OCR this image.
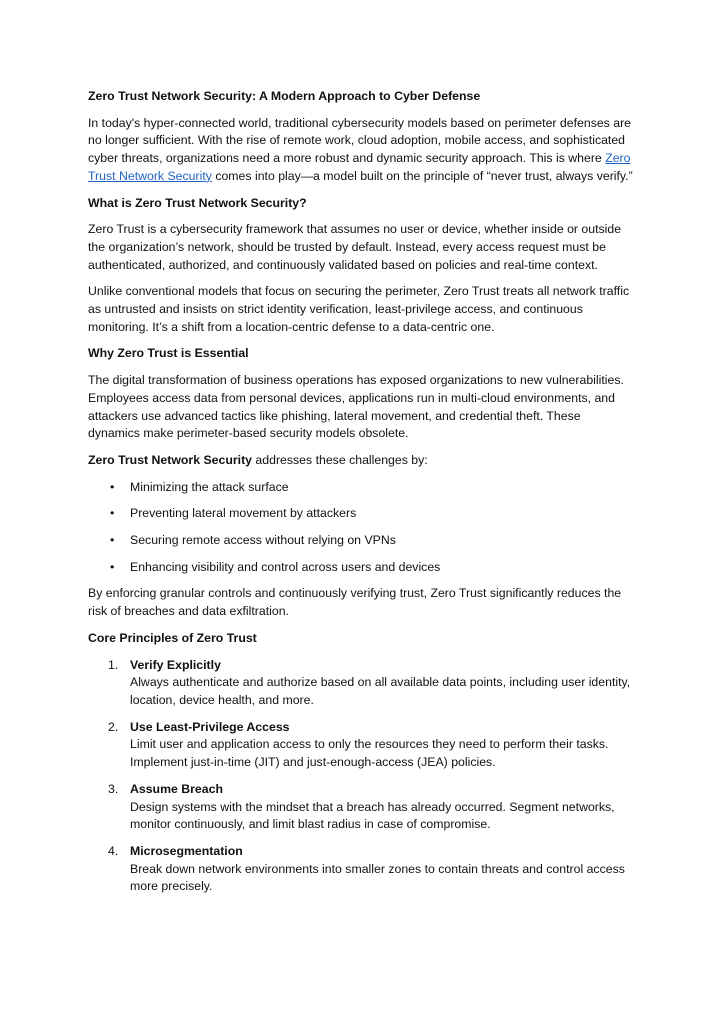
Zero Trust Network Security: A Modern Approach to Cyber Defense

In today's hyper-connected world, traditional cybersecurity models based on perimeter defenses are no longer sufficient. With the rise of remote work, cloud adoption, mobile access, and sophisticated cyber threats, organizations need a more robust and dynamic security approach. This is where Zero Trust Network Security comes into play—a model built on the principle of “never trust, always verify.”

What is Zero Trust Network Security?

Zero Trust is a cybersecurity framework that assumes no user or device, whether inside or outside the organization’s network, should be trusted by default. Instead, every access request must be authenticated, authorized, and continuously validated based on policies and real-time context.

Unlike conventional models that focus on securing the perimeter, Zero Trust treats all network traffic as untrusted and insists on strict identity verification, least-privilege access, and continuous monitoring. It’s a shift from a location-centric defense to a data-centric one.

Why Zero Trust is Essential

The digital transformation of business operations has exposed organizations to new vulnerabilities. Employees access data from personal devices, applications run in multi-cloud environments, and attackers use advanced tactics like phishing, lateral movement, and credential theft. These dynamics make perimeter-based security models obsolete.

Zero Trust Network Security addresses these challenges by:

• Minimizing the attack surface
• Preventing lateral movement by attackers
• Securing remote access without relying on VPNs
• Enhancing visibility and control across users and devices

By enforcing granular controls and continuously verifying trust, Zero Trust significantly reduces the risk of breaches and data exfiltration.

Core Principles of Zero Trust
1. Verify Explicitly
Always authenticate and authorize based on all available data points, including user identity, location, device health, and more.
2. Use Least-Privilege Access
Limit user and application access to only the resources they need to perform their tasks. Implement just-in-time (JIT) and just-enough-access (JEA) policies.
3. Assume Breach
Design systems with the mindset that a breach has already occurred. Segment networks, monitor continuously, and limit blast radius in case of compromise.
4. Microsegmentation
Break down network environments into smaller zones to contain threats and control access more precisely.
